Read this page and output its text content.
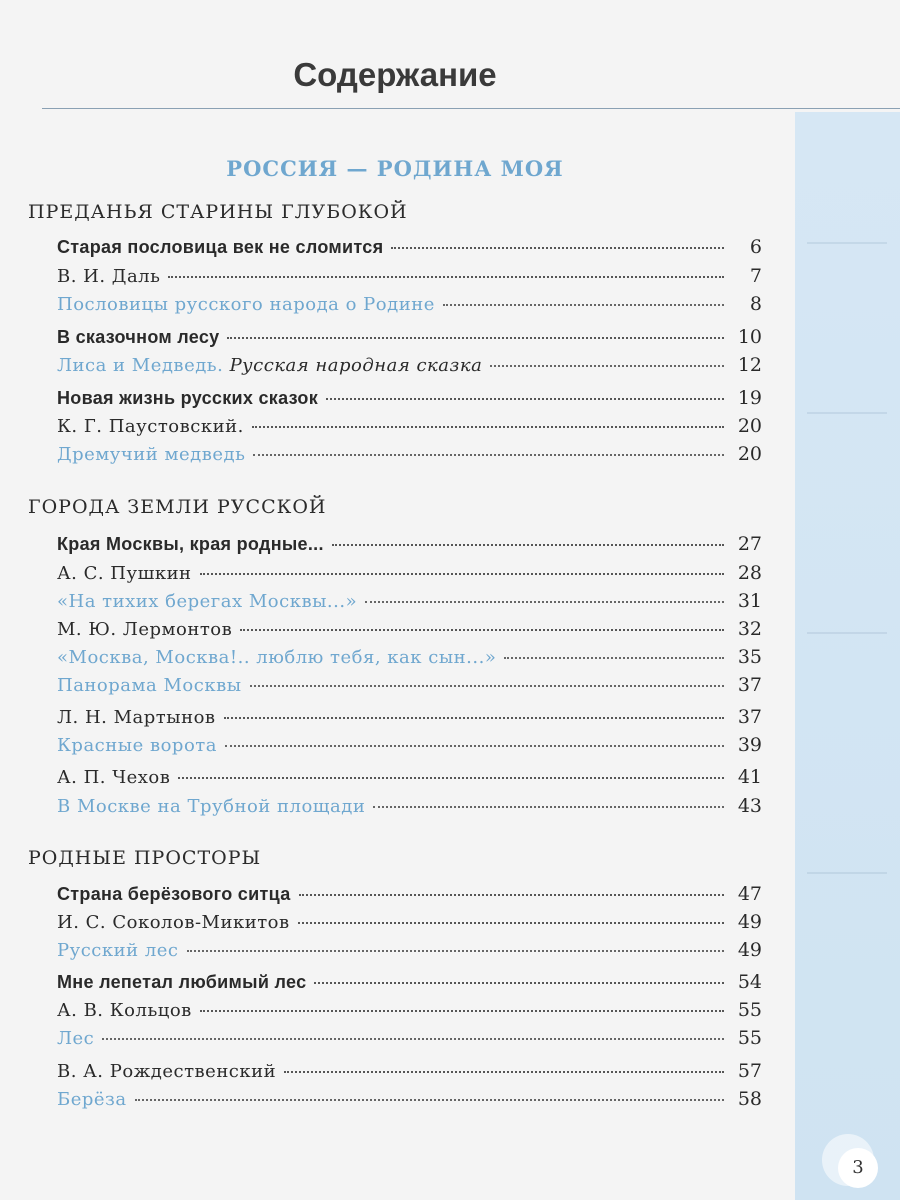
Содержание
РОССИЯ — РОДИНА МОЯ
ПРЕДАНЬЯ СТАРИНЫ ГЛУБОКОЙ
Старая пословица век не сломится	6
В. И. Даль	7
Пословицы русского народа о Родине	8
В сказочном лесу	10
Лиса и Медведь. Русская народная сказка	12
Новая жизнь русских сказок	19
К. Г. Паустовский.	20
Дремучий медведь	20
ГОРОДА ЗЕМЛИ РУССКОЙ
Края Москвы, края родные...	27
А. С. Пушкин	28
«На тихих берегах Москвы...»	31
М. Ю. Лермонтов	32
«Москва, Москва!.. люблю тебя, как сын...»	35
Панорама Москвы	37
Л. Н. Мартынов	37
Красные ворота	39
А. П. Чехов	41
В Москве на Трубной площади	43
РОДНЫЕ ПРОСТОРЫ
Страна берёзового ситца	47
И. С. Соколов-Микитов	49
Русский лес	49
Мне лепетал любимый лес	54
А. В. Кольцов	55
Лес	55
В. А. Рождественский	57
Берёза	58
3
